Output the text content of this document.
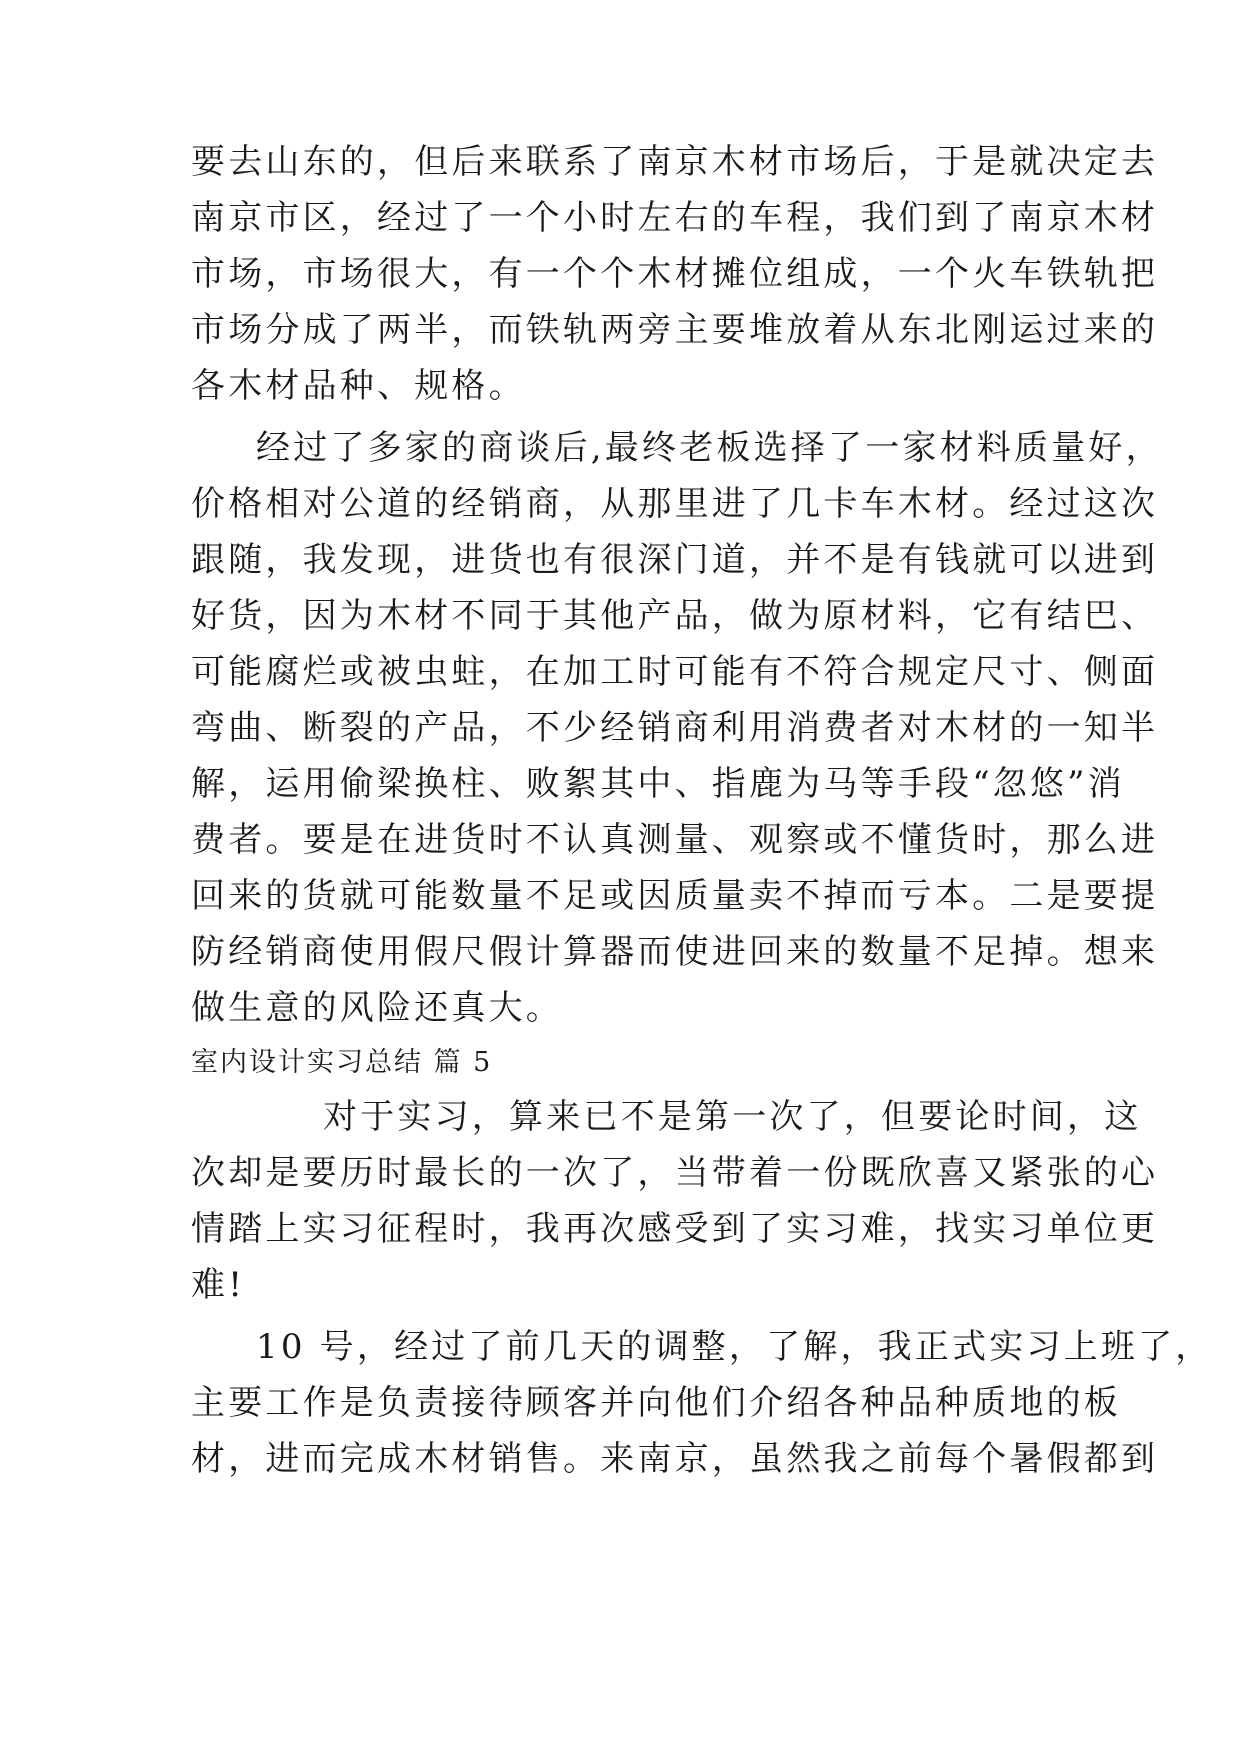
要去山东的，但后来联系了南京木材市场后，于是就决定去
南京市区，经过了一个小时左右的车程，我们到了南京木材
市场，市场很大，有一个个木材摊位组成，一个火车铁轨把
市场分成了两半，而铁轨两旁主要堆放着从东北刚运过来的
各木材品种、规格。
经过了多家的商谈后,最终老板选择了一家材料质量好，
价格相对公道的经销商，从那里进了几卡车木材。经过这次
跟随，我发现，进货也有很深门道，并不是有钱就可以进到
好货，因为木材不同于其他产品，做为原材料，它有结巴、
可能腐烂或被虫蛀，在加工时可能有不符合规定尺寸、侧面
弯曲、断裂的产品，不少经销商利用消费者对木材的一知半
解，运用偷梁换柱、败絮其中、指鹿为马等手段“忽悠”消
费者。要是在进货时不认真测量、观察或不懂货时，那么进
回来的货就可能数量不足或因质量卖不掉而亏本。二是要提
防经销商使用假尺假计算器而使进回来的数量不足掉。想来
做生意的风险还真大。
室内设计实习总结 篇 5
对于实习，算来已不是第一次了，但要论时间，这
次却是要历时最长的一次了，当带着一份既欣喜又紧张的心
情踏上实习征程时，我再次感受到了实习难，找实习单位更
难!
10 号，经过了前几天的调整，了解，我正式实习上班了，
主要工作是负责接待顾客并向他们介绍各种品种质地的板
材，进而完成木材销售。来南京，虽然我之前每个暑假都到
